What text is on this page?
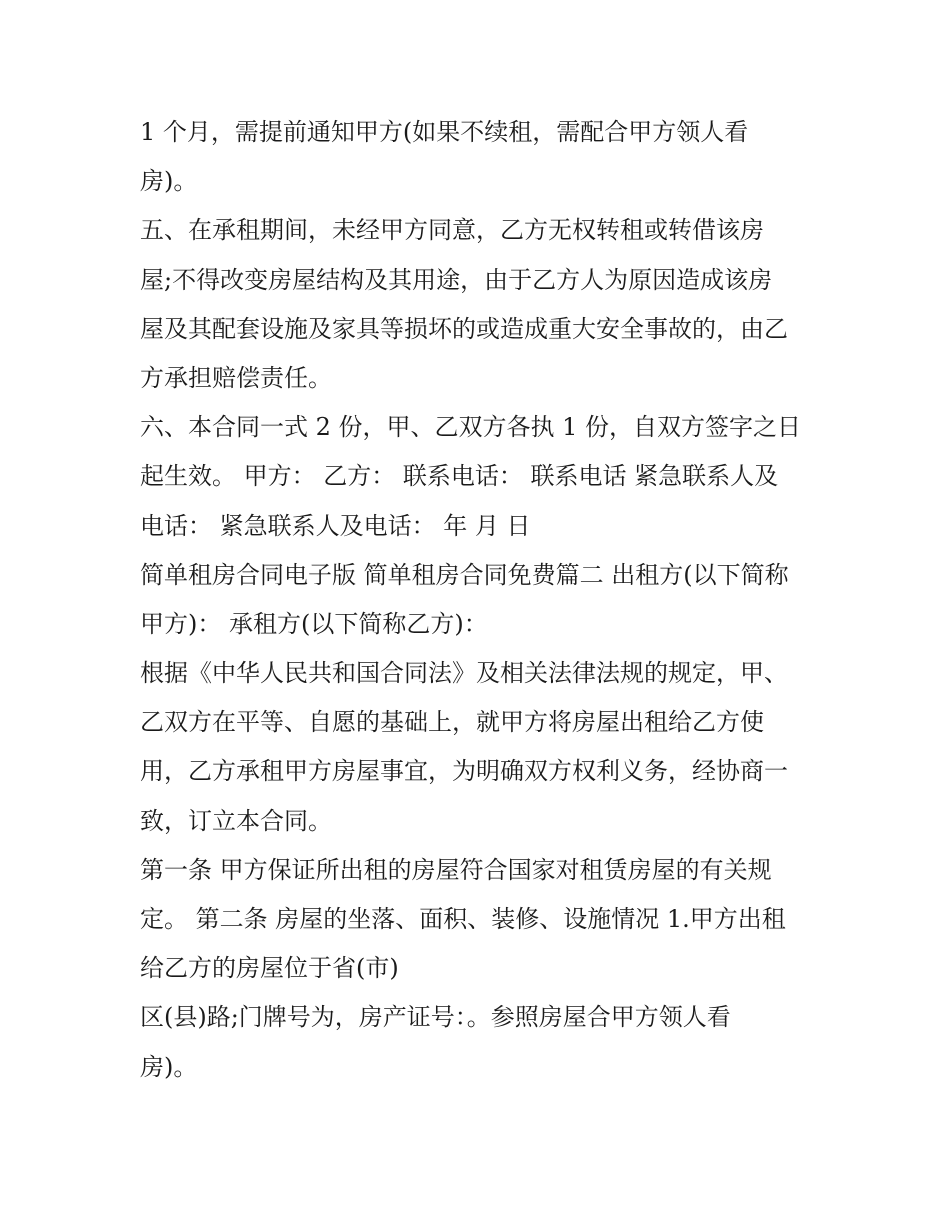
1 个月，需提前通知甲方(如果不续租，需配合甲方领人看
房)。
五、在承租期间，未经甲方同意，乙方无权转租或转借该房
屋;不得改变房屋结构及其用途，由于乙方人为原因造成该房
屋及其配套设施及家具等损坏的或造成重大安全事故的，由乙
方承担赔偿责任。
六、本合同一式 2 份，甲、乙双方各执 1 份，自双方签字之日
起生效。 甲方： 乙方： 联系电话： 联系电话 紧急联系人及
电话： 紧急联系人及电话： 年 月 日
简单租房合同电子版 简单租房合同免费篇二 出租方(以下简称
甲方)： 承租方(以下简称乙方)：
根据《中华人民共和国合同法》及相关法律法规的规定，甲、
乙双方在平等、自愿的基础上，就甲方将房屋出租给乙方使
用，乙方承租甲方房屋事宜，为明确双方权利义务，经协商一
致，订立本合同。
第一条 甲方保证所出租的房屋符合国家对租赁房屋的有关规
定。 第二条 房屋的坐落、面积、装修、设施情况 1.甲方出租
给乙方的房屋位于省(市)
区(县)路;门牌号为，房产证号：。参照房屋合甲方领人看
房)。
